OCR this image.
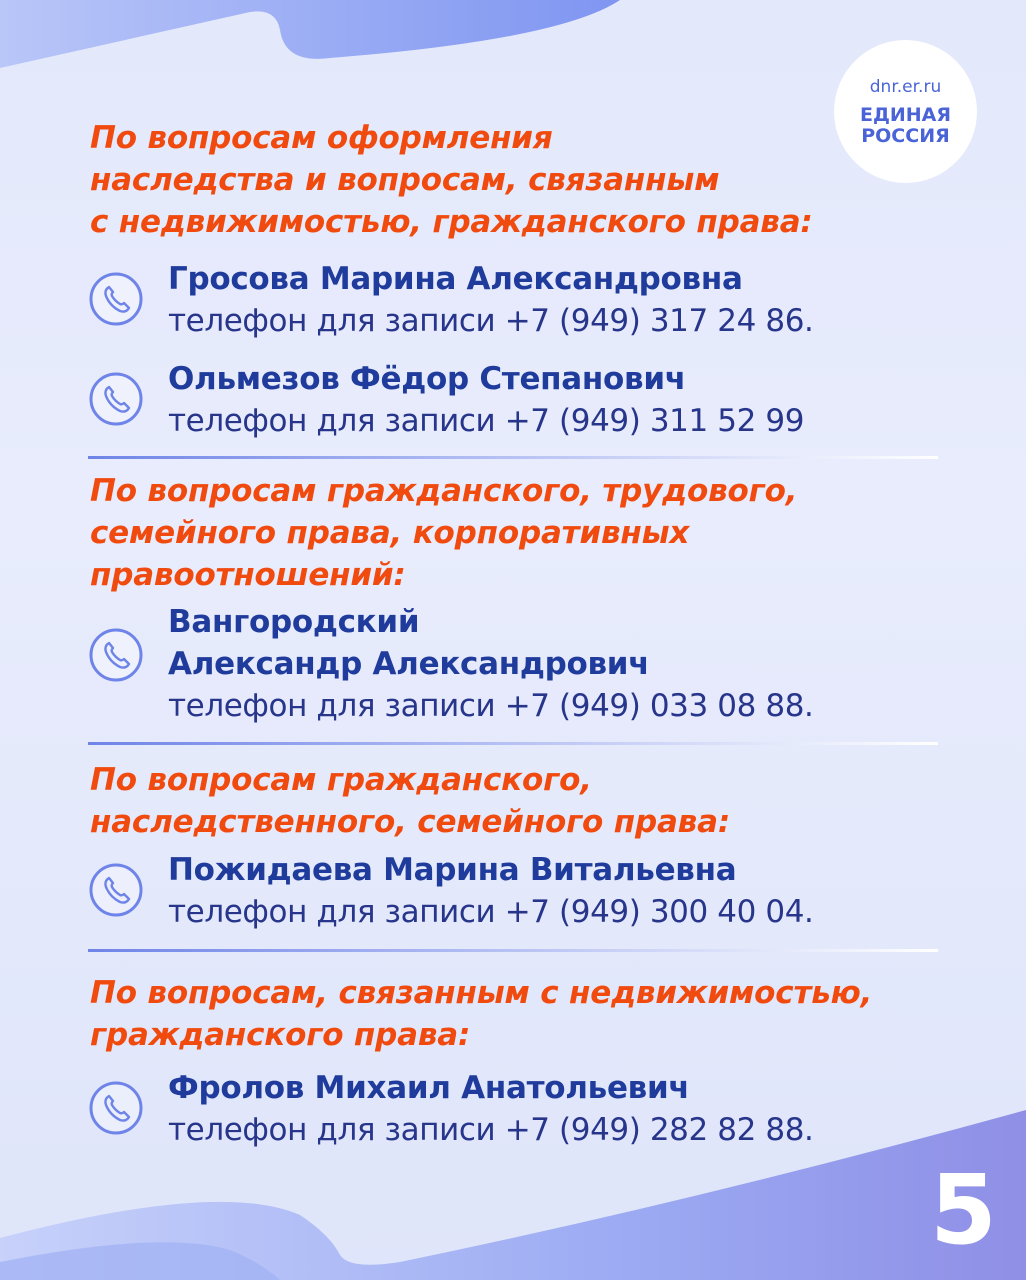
dnr.er.ru
ЕДИНАЯ
РОССИЯ
По вопросам оформления
наследства и вопросам, связанным
с недвижимостью, гражданского права:
Гросова Марина Александровна
телефон для записи +7 (949) 317 24 86.
Ольмезов Фёдор Степанович
телефон для записи +7 (949) 311 52 99
По вопросам гражданского, трудового,
семейного права, корпоративных
правоотношений:
Вангородский
Александр Александрович
телефон для записи +7 (949) 033 08 88.
По вопросам гражданского,
наследственного, семейного права:
Пожидаева Марина Витальевна
телефон для записи +7 (949) 300 40 04.
По вопросам, связанным с недвижимостью,
гражданского права:
Фролов Михаил Анатольевич
телефон для записи +7 (949) 282 82 88.
5
